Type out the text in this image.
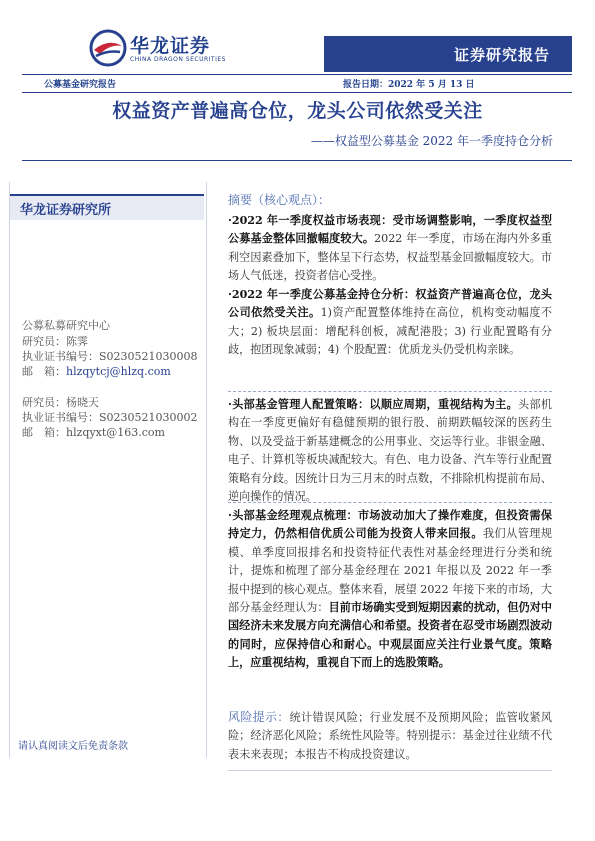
华龙证券
CHINA DRAGON SECURITIES	证券研究报告
公募基金研究报告	报告日期：2022 年 5 月 13 日
权益资产普遍高仓位，龙头公司依然受关注
——权益型公募基金 2022 年一季度持仓分析
华龙证券研究所
公募私募研究中心
研究员：陈霁
执业证书编号：S0230521030008
邮　箱：hlzqytcj@hlzq.com
研究员：杨晓天
执业证书编号：S0230521030002
邮　箱：hlzqyxt@163.com
请认真阅读文后免责条款
摘要（核心观点）：
·2022 年一季度权益市场表现：受市场调整影响，一季度权益型公募基金整体回撤幅度较大。2022 年一季度，市场在海内外多重利空因素叠加下，整体呈下行态势，权益型基金回撤幅度较大。市场人气低迷，投资者信心受挫。
·2022 年一季度公募基金持仓分析：权益资产普遍高仓位，龙头公司依然受关注。1)资产配置整体维持在高位，机构变动幅度不大；2) 板块层面：增配科创板，减配港股；3) 行业配置略有分歧，抱团现象减弱；4) 个股配置：优质龙头仍受机构亲睐。
·头部基金管理人配置策略：以顺应周期，重视结构为主。头部机构在一季度更偏好有稳健预期的银行股、前期跌幅较深的医药生物、以及受益于新基建概念的公用事业、交运等行业。非银金融、电子、计算机等板块减配较大。有色、电力设备、汽车等行业配置策略有分歧。因统计日为三月末的时点数，不排除机构提前布局、逆向操作的情况。
·头部基金经理观点梳理：市场波动加大了操作难度，但投资需保持定力，仍然相信优质公司能为投资人带来回报。我们从管理规模、单季度回报排名和投资特征代表性对基金经理进行分类和统计，提炼和梳理了部分基金经理在 2021 年报以及 2022 年一季报中提到的核心观点。整体来看，展望 2022 年接下来的市场，大部分基金经理认为：目前市场确实受到短期因素的扰动，但仍对中国经济未来发展方向充满信心和希望。投资者在忍受市场剧烈波动的同时，应保持信心和耐心。中观层面应关注行业景气度。策略上，应重视结构，重视自下而上的选股策略。
风险提示：统计错误风险；行业发展不及预期风险；监管收紧风险；经济恶化风险；系统性风险等。特别提示：基金过往业绩不代表未来表现；本报告不构成投资建议。
